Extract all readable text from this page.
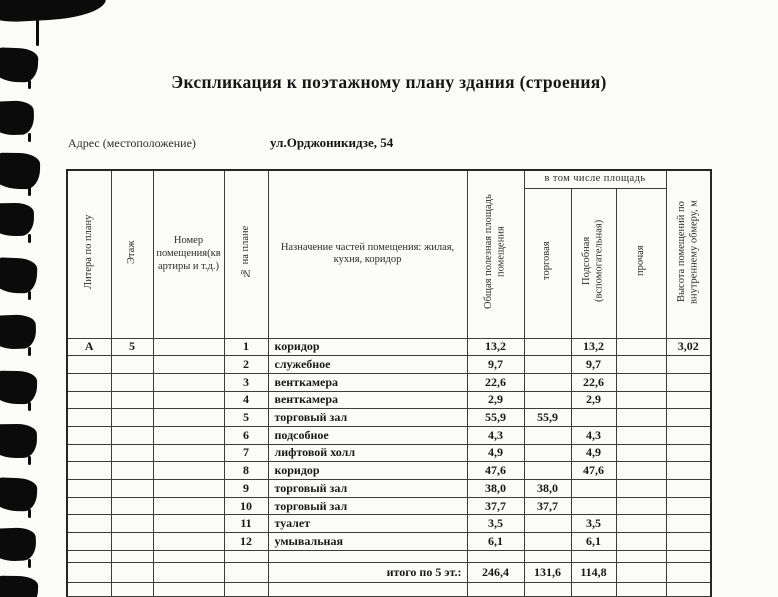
Экспликация к поэтажному плану здания (строения)
Адрес (местоположение)	ул.Орджоникидзе, 54
Литера по плану	Этаж	Номер помещения(кв артиры и т.д.)	№ на плане	Назначение частей помещения: жилая, кухня, коридор	Общая полезная площадь помещения	в том числе площадь			Высота помещений по внутреннему обмеру, м
						торговая	Подсобная (вспомогательная)	прочая	
А	5		1	коридор	13,2		13,2		3,02
			2	служебное	9,7		9,7		
			3	венткамера	22,6		22,6		
			4	венткамера	2,9		2,9		
			5	торговый зал	55,9	55,9			
			6	подсобное	4,3		4,3		
			7	лифтовой холл	4,9		4,9		
			8	коридор	47,6		47,6		
			9	торговый зал	38,0	38,0			
			10	торговый зал	37,7	37,7			
			11	туалет	3,5		3,5		
			12	умывальная	6,1		6,1		

				итого по 5 эт.:	246,4	131,6	114,8		
